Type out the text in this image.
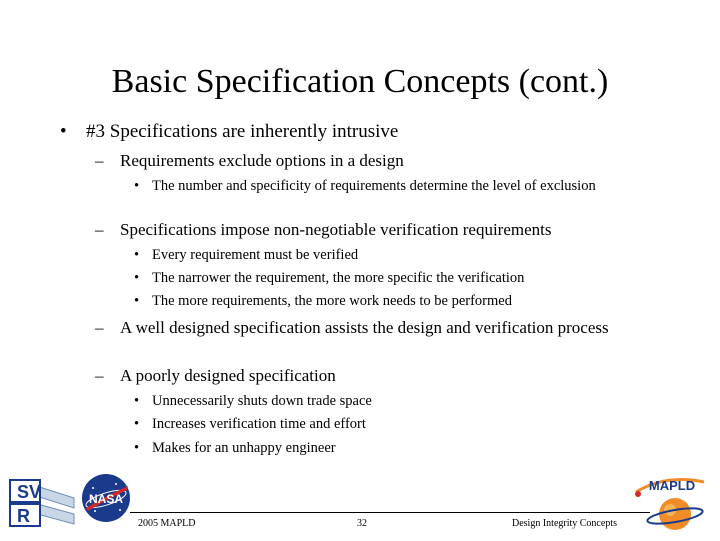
Basic Specification Concepts (cont.)
•	#3 Specifications are inherently intrusive
– Requirements exclude options in a design
• The number and specificity of requirements determine the level of exclusion
– Specifications impose non-negotiable verification requirements
• Every requirement must be verified
• The narrower the requirement, the more specific the verification
• The more requirements, the more work needs to be performed
– A well designed specification assists the design and verification process
– A poorly designed specification
• Unnecessarily shuts down trade space
• Increases verification time and effort
• Makes for an unhappy engineer
SV
R
NASA
2005 MAPLD	32	Design Integrity Concepts
MAPLD
